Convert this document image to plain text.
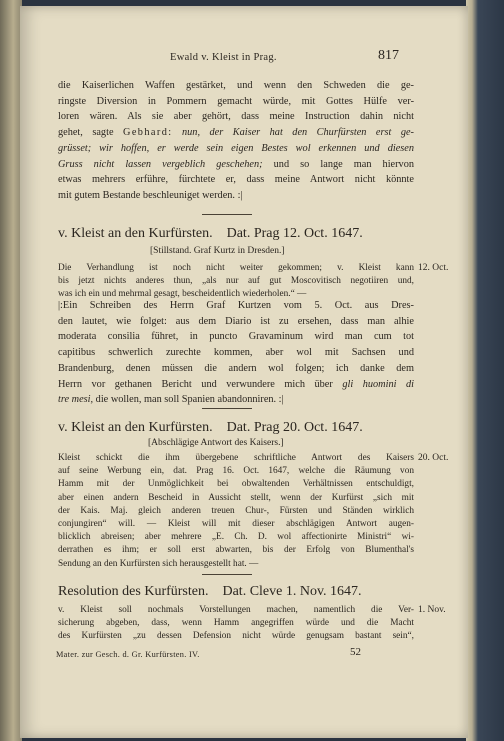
Ewald v. Kleist in Prag.	817
die Kaiserlichen Waffen gestärket, und wenn den Schweden die ge-
ringste Diversion in Pommern gemacht würde, mit Gottes Hülfe ver-
loren wären. Als sie aber gehört, dass meine Instruction dahin nicht
gehet, sagte Gebhard: nun, der Kaiser hat den Churfürsten erst ge-
grüsset; wir hoffen, er werde sein eigen Bestes wol erkennen und diesen
Gruss nicht lassen vergeblich geschehen; und so lange man hiervon
etwas mehrers erführe, fürchtete er, dass meine Antwort nicht könnte
mit gutem Bestande beschleuniget werden. :|
v. Kleist an den Kurfürsten. Dat. Prag 12. Oct. 1647.
[Stillstand. Graf Kurtz in Dresden.]
Die Verhandlung ist noch nicht weiter gekommen; v. Kleist kann
bis jetzt nichts anderes thun, „als nur auf gut Moscovitisch negotiiren und,
was ich ein und mehrmal gesagt, bescheidentlich wiederholen.“ —
12. Oct.
|:Ein Schreiben des Herrn Graf Kurtzen vom 5. Oct. aus Dres-
den lautet, wie folget: aus dem Diario ist zu ersehen, dass man alhie
moderata consilia führet, in puncto Gravaminum wird man cum tot
capitibus schwerlich zurechte kommen, aber wol mit Sachsen und
Brandenburg, denen müssen die andern wol folgen; ich danke dem
Herrn vor gethanen Bericht und verwundere mich über gli huomini di
tre mesi, die wollen, man soll Spanien abandonniren. :|
v. Kleist an den Kurfürsten. Dat. Prag 20. Oct. 1647.
[Abschlägige Antwort des Kaisers.]
Kleist schickt die ihm übergebene schriftliche Antwort des Kaisers
auf seine Werbung ein, dat. Prag 16. Oct. 1647, welche die Räumung von
Hamm mit der Unmöglichkeit bei obwaltenden Verhältnissen entschuldigt,
aber einen andern Bescheid in Aussicht stellt, wenn der Kurfürst „sich mit
der Kais. Maj. gleich anderen treuen Chur-, Fürsten und Ständen wirklich
conjungiren“ will. — Kleist will mit dieser abschlägigen Antwort augen-
blicklich abreisen; aber mehrere „E. Ch. D. wol affectionirte Ministri“ wi-
derrathen es ihm; er soll erst abwarten, bis der Erfolg von Blumenthal's
Sendung an den Kurfürsten sich herausgestellt hat. —
20. Oct.
Resolution des Kurfürsten. Dat. Cleve 1. Nov. 1647.
v. Kleist soll nochmals Vorstellungen machen, namentlich die Ver-
sicherung abgeben, dass, wenn Hamm angegriffen würde und die Macht
des Kurfürsten „zu dessen Defension nicht würde genugsam bastant sein“,
1. Nov.
Mater. zur Gesch. d. Gr. Kurfürsten. IV.	52
